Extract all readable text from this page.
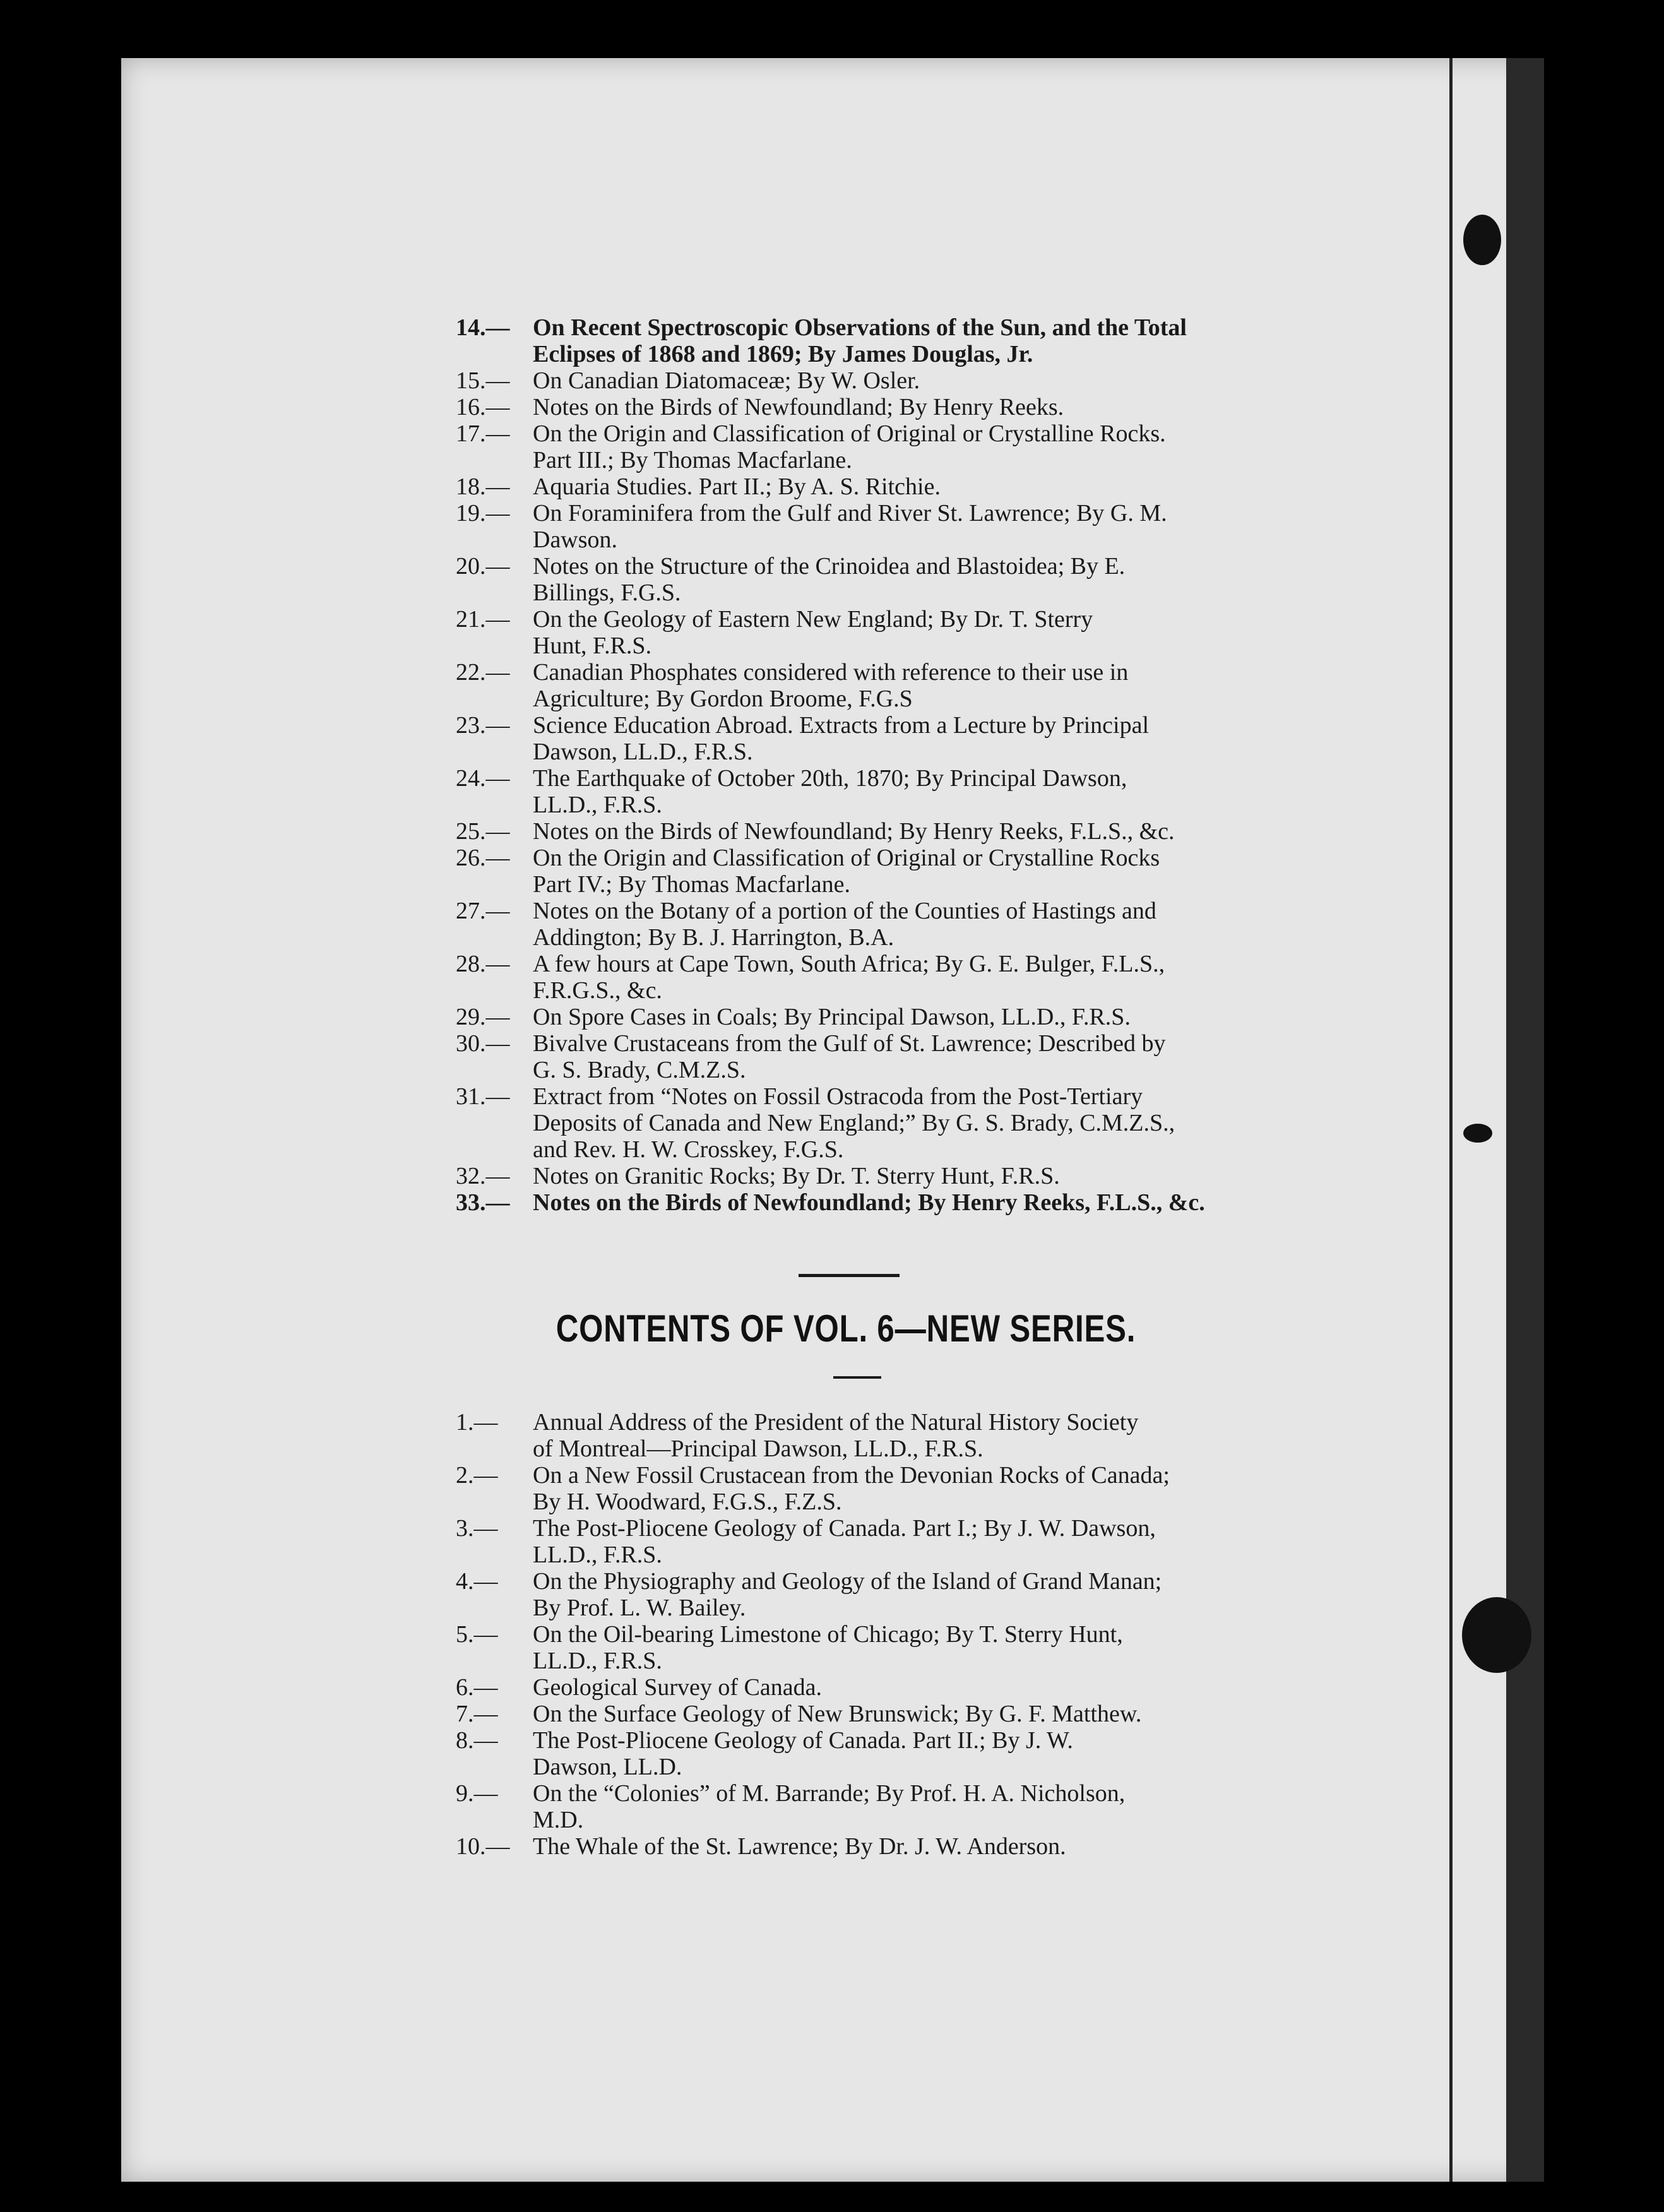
14.— On Recent Spectroscopic Observations of the Sun, and the Total
Eclipses of 1868 and 1869; By James Douglas, Jr.
15.— On Canadian Diatomaceæ; By W. Osler.
16.— Notes on the Birds of Newfoundland; By Henry Reeks.
17.— On the Origin and Classification of Original or Crystalline Rocks.
Part III.; By Thomas Macfarlane.
18.— Aquaria Studies. Part II.; By A. S. Ritchie.
19.— On Foraminifera from the Gulf and River St. Lawrence; By G. M.
Dawson.
20.— Notes on the Structure of the Crinoidea and Blastoidea; By E.
Billings, F.G.S.
21.— On the Geology of Eastern New England; By Dr. T. Sterry
Hunt, F.R.S.
22.— Canadian Phosphates considered with reference to their use in
Agriculture; By Gordon Broome, F.G.S
23.— Science Education Abroad. Extracts from a Lecture by Principal
Dawson, LL.D., F.R.S.
24.— The Earthquake of October 20th, 1870; By Principal Dawson,
LL.D., F.R.S.
25.— Notes on the Birds of Newfoundland; By Henry Reeks, F.L.S., &c.
26.— On the Origin and Classification of Original or Crystalline Rocks
Part IV.; By Thomas Macfarlane.
27.— Notes on the Botany of a portion of the Counties of Hastings and
Addington; By B. J. Harrington, B.A.
28.— A few hours at Cape Town, South Africa; By G. E. Bulger, F.L.S.,
F.R.G.S., &c.
29.— On Spore Cases in Coals; By Principal Dawson, LL.D., F.R.S.
30.— Bivalve Crustaceans from the Gulf of St. Lawrence; Described by
G. S. Brady, C.M.Z.S.
31.— Extract from “Notes on Fossil Ostracoda from the Post-Tertiary
Deposits of Canada and New England;” By G. S. Brady, C.M.Z.S.,
and Rev. H. W. Crosskey, F.G.S.
32.— Notes on Granitic Rocks; By Dr. T. Sterry Hunt, F.R.S.
33.— Notes on the Birds of Newfoundland; By Henry Reeks, F.L.S., &c.
CONTENTS OF VOL. 6—NEW SERIES.
1.— Annual Address of the President of the Natural History Society
of Montreal—Principal Dawson, LL.D., F.R.S.
2.— On a New Fossil Crustacean from the Devonian Rocks of Canada;
By H. Woodward, F.G.S., F.Z.S.
3.— The Post-Pliocene Geology of Canada. Part I.; By J. W. Dawson,
LL.D., F.R.S.
4.— On the Physiography and Geology of the Island of Grand Manan;
By Prof. L. W. Bailey.
5.— On the Oil-bearing Limestone of Chicago; By T. Sterry Hunt,
LL.D., F.R.S.
6.— Geological Survey of Canada.
7.— On the Surface Geology of New Brunswick; By G. F. Matthew.
8.— The Post-Pliocene Geology of Canada. Part II.; By J. W.
Dawson, LL.D.
9.— On the “Colonies” of M. Barrande; By Prof. H. A. Nicholson,
M.D.
10.— The Whale of the St. Lawrence; By Dr. J. W. Anderson.
